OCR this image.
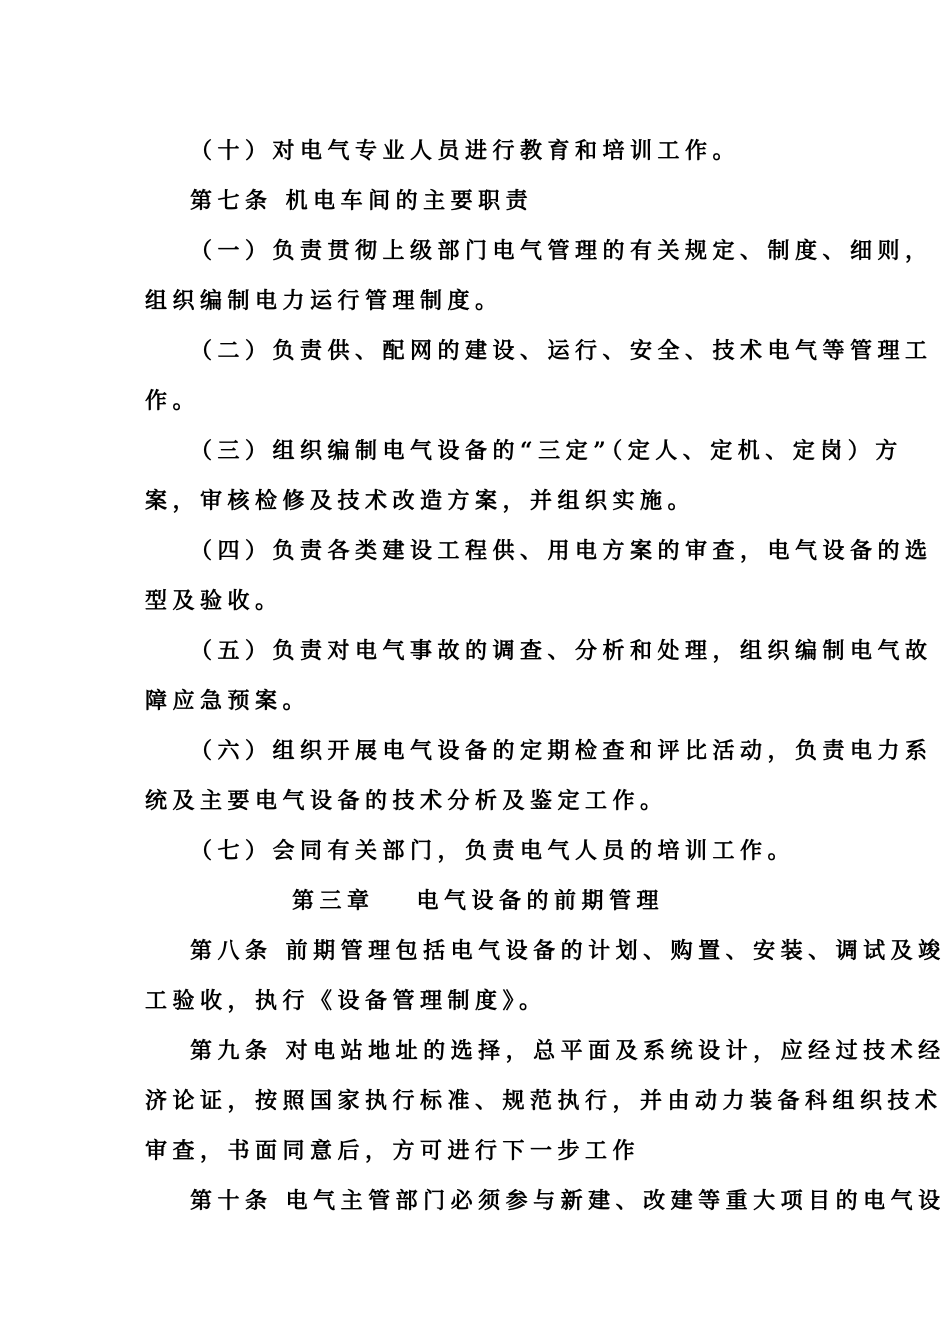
（十）对电气专业人员进行教育和培训工作。
第七条 机电车间的主要职责
（一）负责贯彻上级部门电气管理的有关规定、制度、细则，
组织编制电力运行管理制度。
（二）负责供、配网的建设、运行、安全、技术电气等管理工
作。
（三）组织编制电气设备的“三定”（定人、定机、定岗）方
案，审核检修及技术改造方案，并组织实施。
（四）负责各类建设工程供、用电方案的审查，电气设备的选
型及验收。
（五）负责对电气事故的调查、分析和处理，组织编制电气故
障应急预案。
（六）组织开展电气设备的定期检查和评比活动，负责电力系
统及主要电气设备的技术分析及鉴定工作。
（七）会同有关部门，负责电气人员的培训工作。
第三章 电气设备的前期管理
第八条 前期管理包括电气设备的计划、购置、安装、调试及竣
工验收，执行《设备管理制度》。
第九条 对电站地址的选择，总平面及系统设计，应经过技术经
济论证，按照国家执行标准、规范执行，并由动力装备科组织技术
审查，书面同意后，方可进行下一步工作
第十条 电气主管部门必须参与新建、改建等重大项目的电气设
